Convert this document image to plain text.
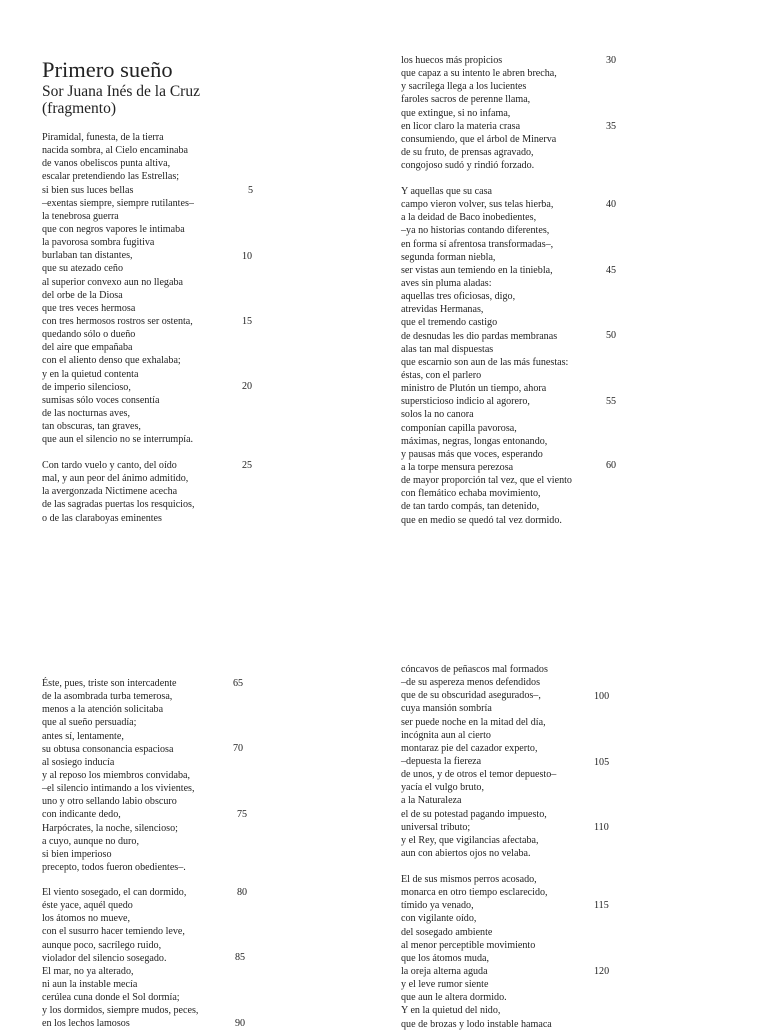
Primero sueño
Sor Juana Inés de la Cruz
(fragmento)
Piramidal, funesta, de la tierra
nacida sombra, al Cielo encaminaba
de vanos obeliscos punta altiva,
escalar pretendiendo las Estrellas;
si bien sus luces bellas
–exentas siempre, siempre rutilantes–
la tenebrosa guerra
que con negros vapores le intimaba
la pavorosa sombra fugitiva
burlaban tan distantes,
que su atezado ceño
al superior convexo aun no llegaba
del orbe de la Diosa
que tres veces hermosa
con tres hermosos rostros ser ostenta,
quedando sólo o dueño
del aire que empañaba
con el aliento denso que exhalaba;
y en la quietud contenta
de imperio silencioso,
sumisas sólo voces consentía
de las nocturnas aves,
tan obscuras, tan graves,
que aun el silencio no se interrumpía.
Con tardo vuelo y canto, del oído
mal, y aun peor del ánimo admitido,
la avergonzada Nictimene acecha
de las sagradas puertas los resquicios,
o de las claraboyas eminentes
los huecos más propicios
que capaz a su intento le abren brecha,
y sacrílega llega a los lucientes
faroles sacros de perenne llama,
que extingue, si no infama,
en licor claro la materia crasa
consumiendo, que el árbol de Minerva
de su fruto, de prensas agravado,
congojoso sudó y rindió forzado.
Y aquellas que su casa
campo vieron volver, sus telas hierba,
a la deidad de Baco inobedientes,
–ya no historias contando diferentes,
en forma sí afrentosa transformadas–,
segunda forman niebla,
ser vistas aun temiendo en la tiniebla,
aves sin pluma aladas:
aquellas tres oficiosas, digo,
atrevidas Hermanas,
que el tremendo castigo
de desnudas les dio pardas membranas
alas tan mal dispuestas
que escarnio son aun de las más funestas:
éstas, con el parlero
ministro de Plutón un tiempo, ahora
supersticioso indicio al agorero,
solos la no canora
componían capilla pavorosa,
máximas, negras, longas entonando,
y pausas más que voces, esperando
a la torpe mensura perezosa
de mayor proporción tal vez, que el viento
con flemático echaba movimiento,
de tan tardo compás, tan detenido,
que en medio se quedó tal vez dormido.
Éste, pues, triste son intercadente
de la asombrada turba temerosa,
menos a la atención solicitaba
que al sueño persuadía;
antes sí, lentamente,
su obtusa consonancia espaciosa
al sosiego inducía
y al reposo los miembros convidaba,
–el silencio intimando a los vivientes,
uno y otro sellando labio obscuro
con indicante dedo,
Harpócrates, la noche, silencioso;
a cuyo, aunque no duro,
si bien imperioso
precepto, todos fueron obedientes–.
El viento sosegado, el can dormido,
éste yace, aquél quedo
los átomos no mueve,
con el susurro hacer temiendo leve,
aunque poco, sacrílego ruido,
violador del silencio sosegado.
El mar, no ya alterado,
ni aun la instable mecía
cerúlea cuna donde el Sol dormía;
y los dormidos, siempre mudos, peces,
en los lechos lamosos
cóncavos de peñascos mal formados
–de su aspereza menos defendidos
que de su obscuridad asegurados–,
cuya mansión sombría
ser puede noche en la mitad del día,
incógnita aun al cierto
montaraz pie del cazador experto,
–depuesta la fiereza
de unos, y de otros el temor depuesto–
yacía el vulgo bruto,
a la Naturaleza
el de su potestad pagando impuesto,
universal tributo;
y el Rey, que vigilancias afectaba,
aun con abiertos ojos no velaba.
El de sus mismos perros acosado,
monarca en otro tiempo esclarecido,
tímido ya venado,
con vigilante oído,
del sosegado ambiente
al menor perceptible movimiento
que los átomos muda,
la oreja alterna aguda
y el leve rumor siente
que aun le altera dormido.
Y en la quietud del nido,
que de brozas y lodo instable hamaca
5
10
15
20
25
30
35
40
45
50
55
60
65
70
75
80
85
90
100
105
110
115
120
